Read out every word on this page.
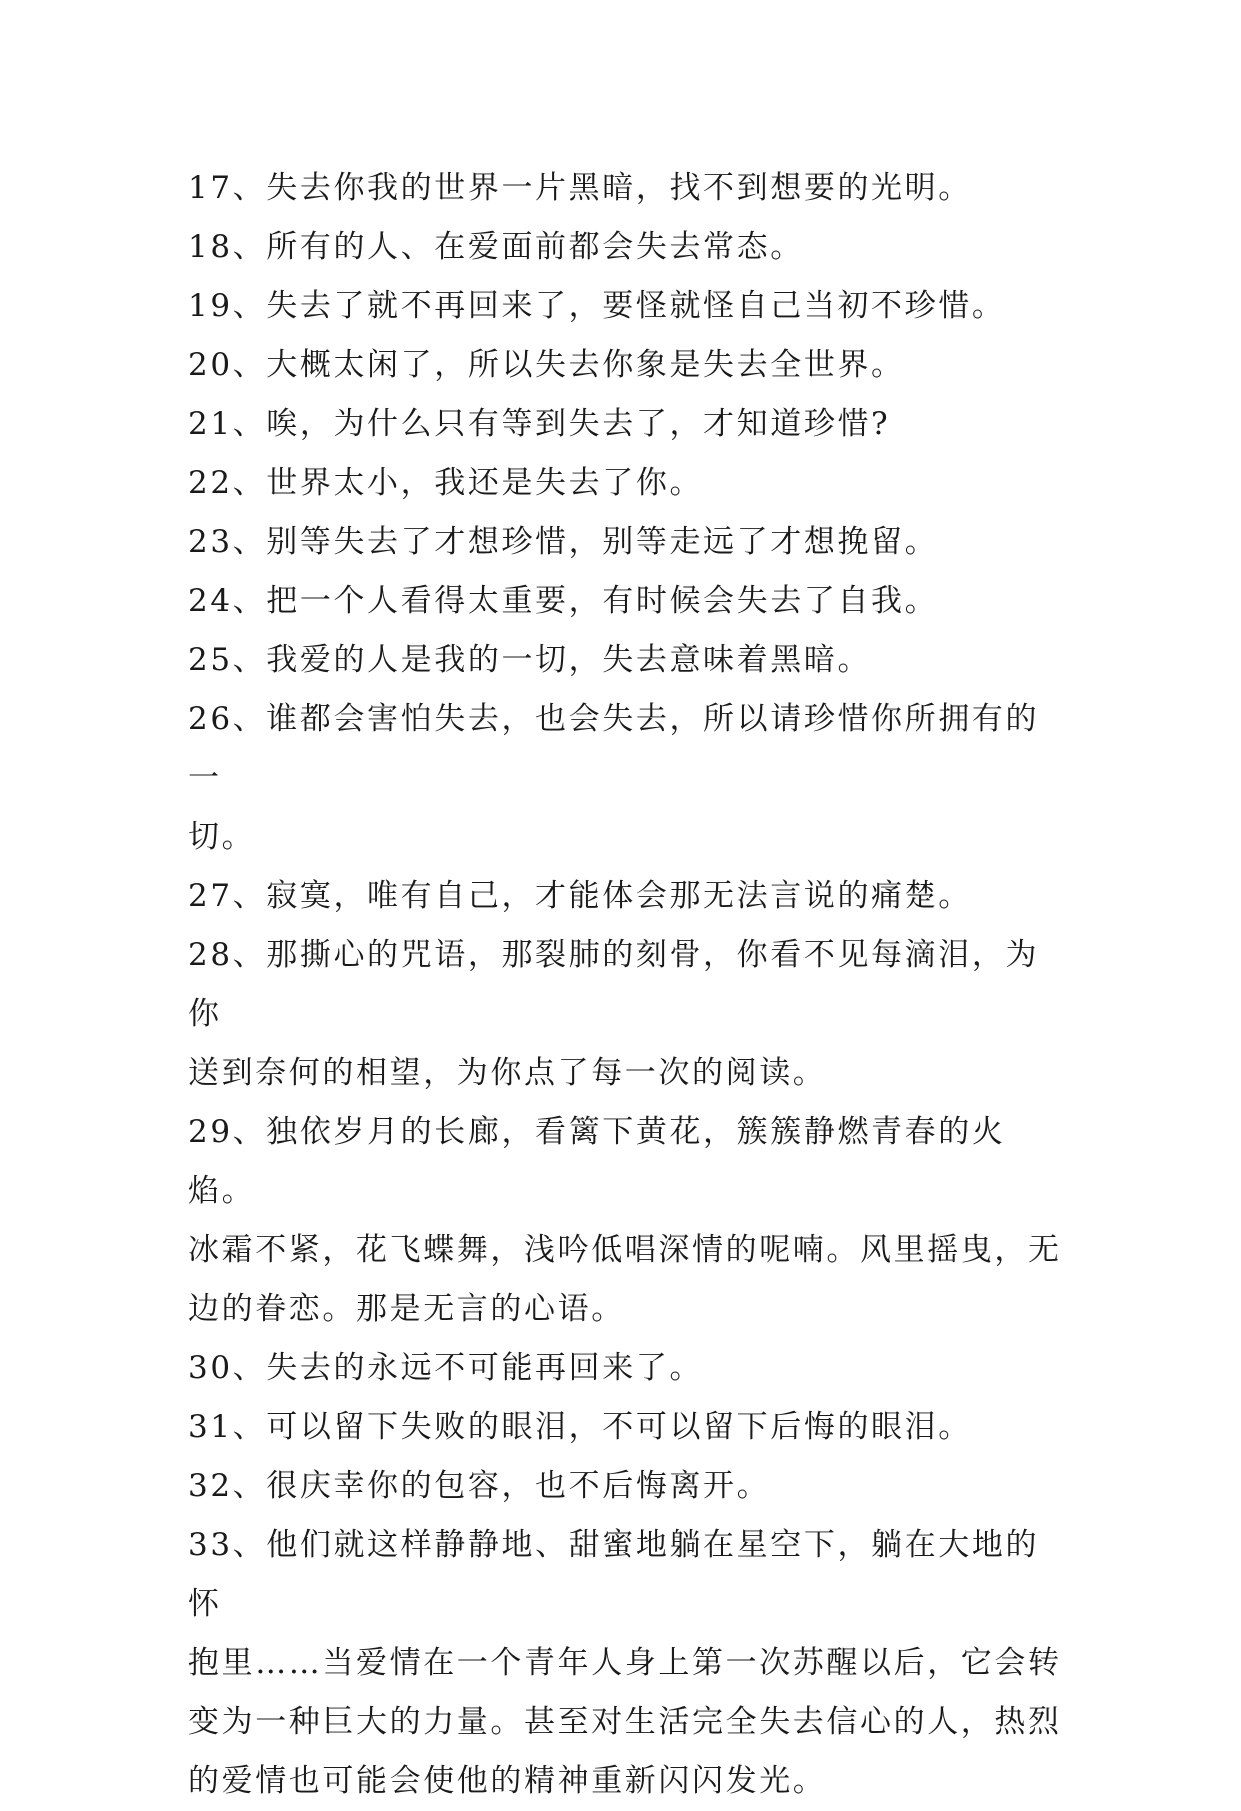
17、失去你我的世界一片黑暗，找不到想要的光明。

18、所有的人、在爱面前都会失去常态。

19、失去了就不再回来了，要怪就怪自己当初不珍惜。

20、大概太闲了，所以失去你象是失去全世界。

21、唉，为什么只有等到失去了，才知道珍惜?

22、世界太小，我还是失去了你。

23、别等失去了才想珍惜，别等走远了才想挽留。

24、把一个人看得太重要，有时候会失去了自我。

25、我爱的人是我的一切，失去意味着黑暗。

26、谁都会害怕失去，也会失去，所以请珍惜你所拥有的一

切。

27、寂寞，唯有自己，才能体会那无法言说的痛楚。

28、那撕心的咒语，那裂肺的刻骨，你看不见每滴泪，为你

送到奈何的相望，为你点了每一次的阅读。

29、独依岁月的长廊，看篱下黄花，簇簇静燃青春的火焰。

冰霜不紧，花飞蝶舞，浅吟低唱深情的呢喃。风里摇曳，无

边的眷恋。那是无言的心语。

30、失去的永远不可能再回来了。

31、可以留下失败的眼泪，不可以留下后悔的眼泪。

32、很庆幸你的包容，也不后悔离开。

33、他们就这样静静地、甜蜜地躺在星空下，躺在大地的怀

抱里……当爱情在一个青年人身上第一次苏醒以后，它会转

变为一种巨大的力量。甚至对生活完全失去信心的人，热烈

的爱情也可能会使他的精神重新闪闪发光。
